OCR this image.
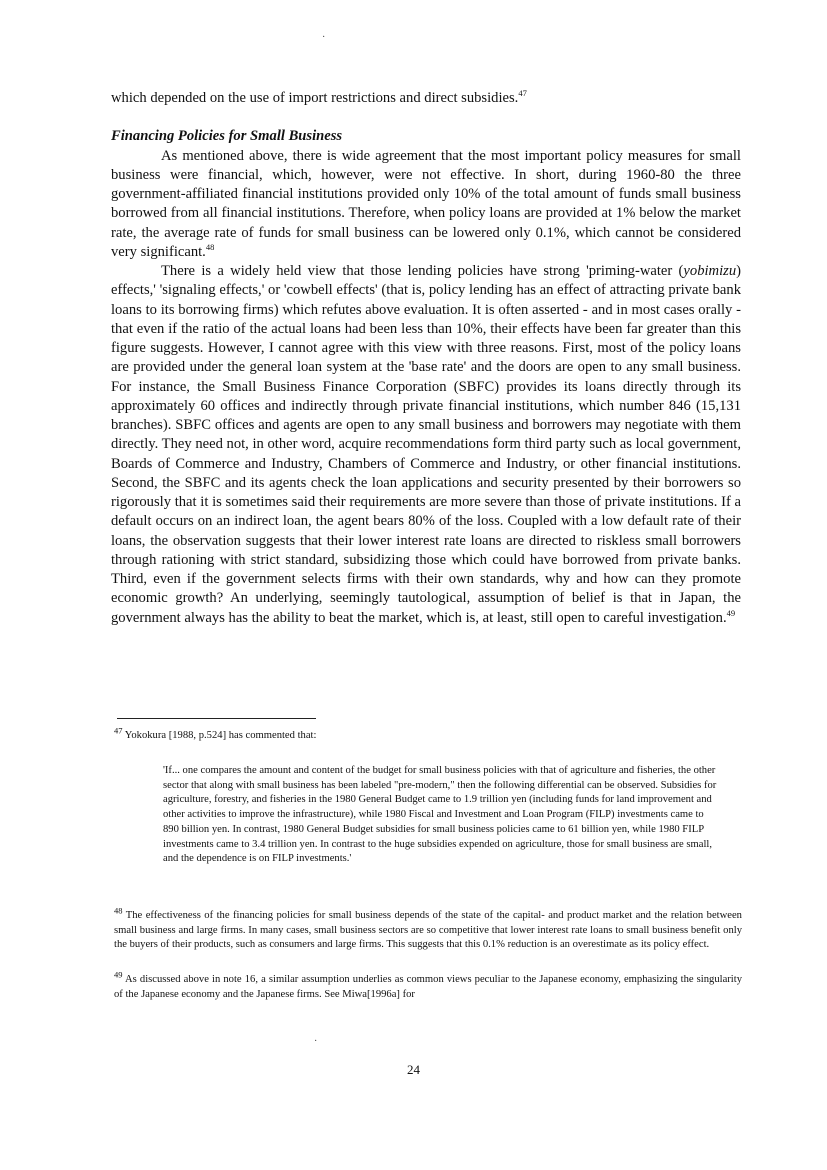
·

which depended on the use of import restrictions and direct subsidies.$^{47}$

Financing Policies for Small Business

As mentioned above, there is wide agreement that the most important policy measures for small business were financial, which, however, were not effective. In short, during 1960-80 the three government-affiliated financial institutions provided only 10% of the total amount of funds small business borrowed from all financial institutions. Therefore, when policy loans are provided at 1% below the market rate, the average rate of funds for small business can be lowered only 0.1%, which cannot be considered very significant.$^{48}$

There is a widely held view that those lending policies have strong 'priming-water (yobimizu) effects,' 'signaling effects,' or 'cowbell effects' (that is, policy lending has an effect of attracting private bank loans to its borrowing firms) which refutes above evaluation. It is often asserted - and in most cases orally - that even if the ratio of the actual loans had been less than 10%, their effects have been far greater than this figure suggests. However, I cannot agree with this view with three reasons. First, most of the policy loans are provided under the general loan system at the 'base rate' and the doors are open to any small business. For instance, the Small Business Finance Corporation (SBFC) provides its loans directly through its approximately 60 offices and indirectly through private financial institutions, which number 846 (15,131 branches). SBFC offices and agents are open to any small business and borrowers may negotiate with them directly. They need not, in other word, acquire recommendations form third party such as local government, Boards of Commerce and Industry, Chambers of Commerce and Industry, or other financial institutions. Second, the SBFC and its agents check the loan applications and security presented by their borrowers so rigorously that it is sometimes said their requirements are more severe than those of private institutions. If a default occurs on an indirect loan, the agent bears 80% of the loss. Coupled with a low default rate of their loans, the observation suggests that their lower interest rate loans are directed to riskless small borrowers through rationing with strict standard, subsidizing those which could have borrowed from private banks. Third, even if the government selects firms with their own standards, why and how can they promote economic growth? An underlying, seemingly tautological, assumption of belief is that in Japan, the government always has the ability to beat the market, which is, at least, still open to careful investigation.$^{49}$

$^{47}$ Yokokura [1988, p.524] has commented that:

'If... one compares the amount and content of the budget for small business policies with that of agriculture and fisheries, the other sector that along with small business has been labeled "pre-modern," then the following differential can be observed. Subsidies for agriculture, forestry, and fisheries in the 1980 General Budget came to 1.9 trillion yen (including funds for land improvement and other activities to improve the infrastructure), while 1980 Fiscal and Investment and Loan Program (FILP) investments came to 890 billion yen. In contrast, 1980 General Budget subsidies for small business policies came to 61 billion yen, while 1980 FILP investments came to 3.4 trillion yen. In contrast to the huge subsidies expended on agriculture, those for small business are small, and the dependence is on FILP investments.'

$^{48}$ The effectiveness of the financing policies for small business depends of the state of the capital- and product market and the relation between small business and large firms. In many cases, small business sectors are so competitive that lower interest rate loans to small business benefit only the buyers of their products, such as consumers and large firms. This suggests that this 0.1% reduction is an overestimate as its policy effect.

$^{49}$ As discussed above in note 16, a similar assumption underlies as common views peculiar to the Japanese economy, emphasizing the singularity of the Japanese economy and the Japanese firms. See Miwa[1996a] for

·
24
